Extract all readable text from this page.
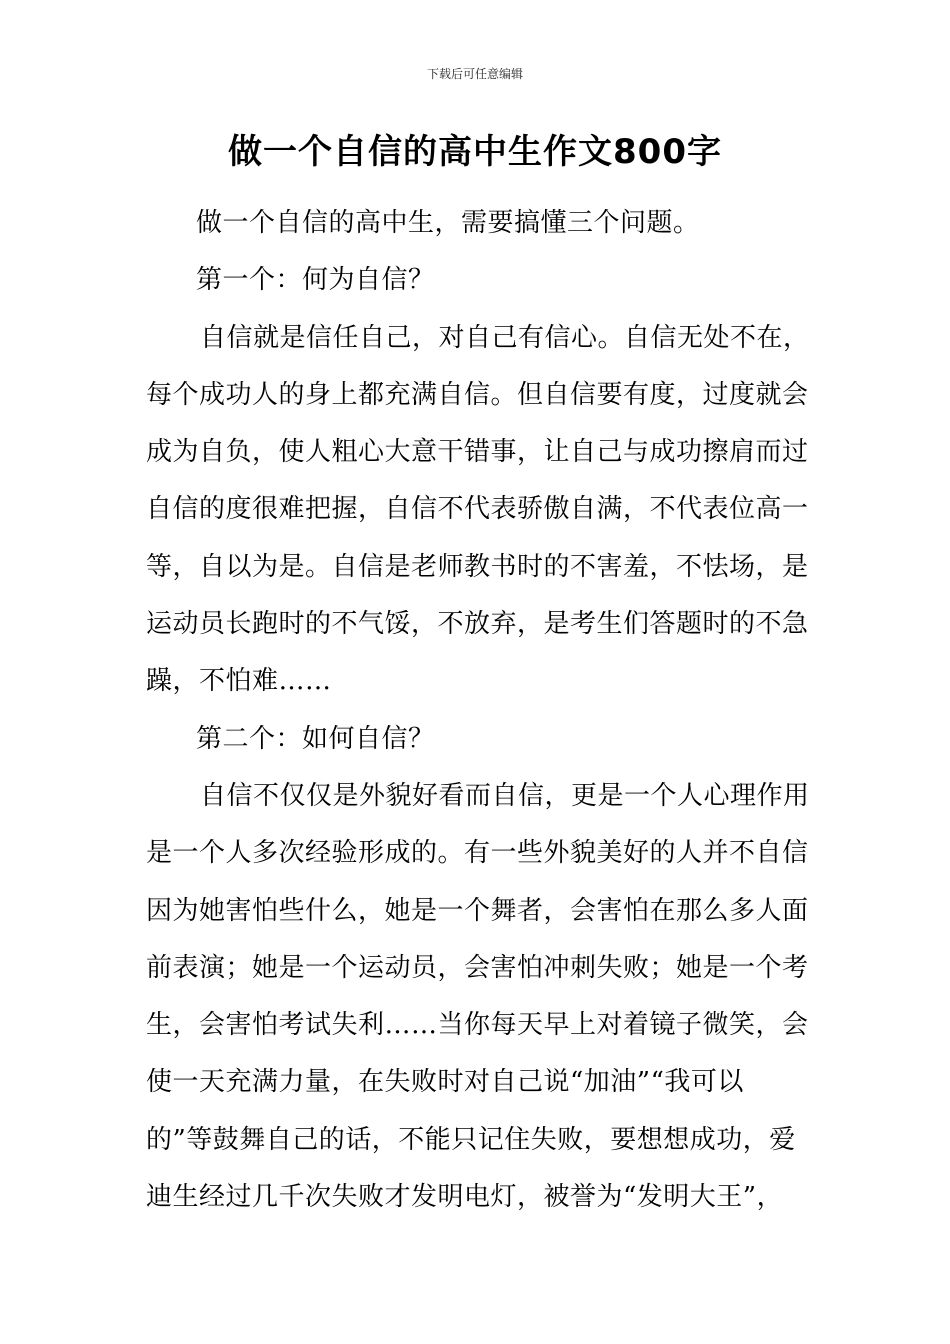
下载后可任意编辑
做一个自信的高中生作文800字
做一个自信的高中生，需要搞懂三个问题。
第一个：何为自信？
自信就是信任自己，对自己有信心。自信无处不在，
每个成功人的身上都充满自信。但自信要有度，过度就会
成为自负，使人粗心大意干错事，让自己与成功擦肩而过
自信的度很难把握，自信不代表骄傲自满，不代表位高一
等，自以为是。自信是老师教书时的不害羞，不怯场，是
运动员长跑时的不气馁，不放弃，是考生们答题时的不急
躁，不怕难……
第二个：如何自信？
自信不仅仅是外貌好看而自信，更是一个人心理作用
是一个人多次经验形成的。有一些外貌美好的人并不自信
因为她害怕些什么，她是一个舞者，会害怕在那么多人面
前表演；她是一个运动员，会害怕冲刺失败；她是一个考
生，会害怕考试失利……当你每天早上对着镜子微笑，会
使一天充满力量，在失败时对自己说“加油”“我可以
的”等鼓舞自己的话，不能只记住失败，要想想成功，爱
迪生经过几千次失败才发明电灯，被誉为“发明大王”，
